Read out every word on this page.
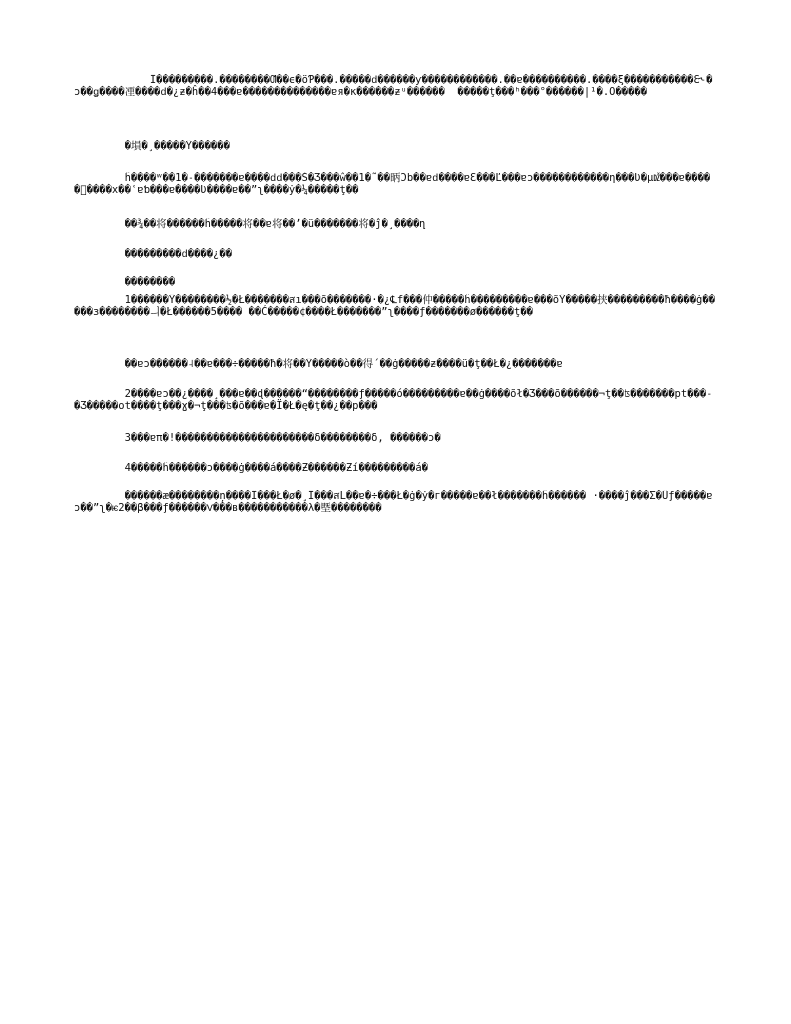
Ï���������.��������Ƣ��ϵ�öƤ���.�����ԁ������ƴ������������.��ɐ����������.����ξ�����������Ɛ˞�ɔ��ǥ����凐����ԁ�¿​​​​ƶ�ĥ��4���ɐ�​�������������ɐя�ĸ������ƶᵘ������  �����ţ���ʰ���°������|​​​​​​¹�.​​O�����
�塤�¸�����Ÿ������
ĥ����ʷ��1�˗�������ɐ����ԁԁ���​​Š�Ʒ���ŵ��1�˜��昞Ɔb��ɐԁ����ɐƐ���Ľ���ɐɔ������������η���Ʋ�µǄ���ɐ�����ͧ����х��​ʿɐƅ���ɐ����Ʋ����ɐ��”ʅ����ẏ�¼�����ţ��
��¾��将������ĥ�����将��ɐ​​​将��ʼ�ü�������将�ĵ�¸����ղ​​
���������ԁ����¿��
��������
1������Ÿ��������½�Ł�������ส​​​ı���õ�������·�¿℄f���仲�����ĥ���������ɐ���õŸ�����挟���������ħ����ġ�����з��������ㅢ�Ł������5���� ��Ć�����¢����Ł�������”ʅ����ƒ�������ø������ţ��
��ɐɔ������˨��ɐ���÷�����ħ�将��Ÿ�����ò��得´��ġ�����ƶ����ü�ţ��Ł�¿�������ɐ
2����ɐɔ��¿����¸���ɐ��ɖ������“��������ƒ�����ó���������ɐ��ġ����õł�Ʒ���õ������¬ţ��ʦ�������рt���˗�Ʒ�����οt����ţ���ɣ�¬ţ���ʦ�õ���ɐ�Ï�Ł�ę�ţ��¿��р���
3���ɐπ�!����������������������δ��������δ, ������ɔ�
4�����ĥ������ɔ����ġ����á����Ƶ������Ƶí���������á�
������æ��������ņ����Ï���Ł�ø�¸​​​​​Ï���ส​​L��ɐ�÷���Ł�ġ�ẏ�г�����ɐ��ł�������ĥ������ ·����ĵ���Σ�Ûƒ�����ɐɔ��”ʅ�ѥ2��β���ƒ������Ѵ���в�����������λ�塈��������
